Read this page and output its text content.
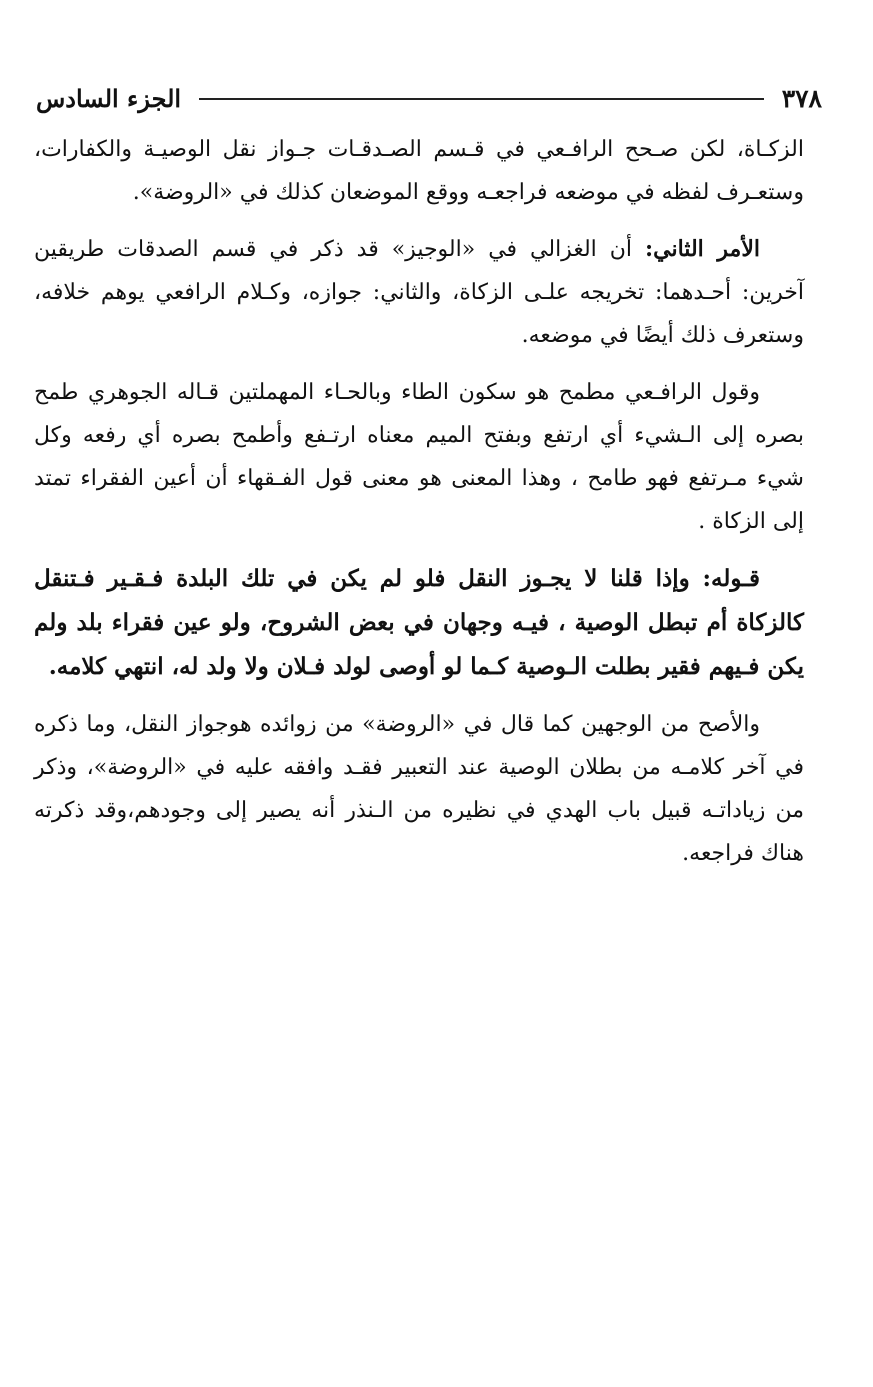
٣٧٨
الجزء السادس

الزكـاة، لكن صـحح الرافـعي في قـسم الصـدقـات جـواز نقل الوصيـة والكفارات، وستعـرف لفظه في موضعه فراجعـه ووقع الموضعان كذلك في «الروضة».

الأمر الثاني: أن الغزالي في «الوجيز» قد ذكر في قسم الصدقات طريقين آخرين: أحـدهما: تخريجه علـى الزكاة، والثاني: جوازه، وكـلام الرافعي يوهم خلافه، وستعرف ذلك أيضًا في موضعه.

وقول الرافـعي مطمح هو سكون الطاء وبالحـاء المهملتين قـاله الجوهري طمح بصره إلى الـشيء أي ارتفع وبفتح الميم معناه ارتـفع وأطمح بصره أي رفعه وكل شيء مـرتفع فهو طامح ، وهذا المعنى هو معنى قول الفـقهاء أن أعين الفقراء تمتد إلى الزكاة .

قـوله: وإذا قلنا لا يجـوز النقل فلو لم يكن في تلك البلدة فـقـير فـتنقل كالزكاة أم تبطل الوصية ، فيـه وجهان في بعض الشروح، ولو عين فقراء بلد ولم يكن فـيهم فقير بطلت الـوصية كـما لو أوصى لولد فـلان ولا ولد له، انتهي كلامه.

والأصح من الوجهين كما قال في «الروضة» من زوائده هوجواز النقل، وما ذكره في آخر كلامـه من بطلان الوصية عند التعبير فقـد وافقه عليه في «الروضة»، وذكر من زياداتـه قبيل باب الهدي في نظيره من الـنذر أنه يصير إلى وجودهم،وقد ذكرته هناك فراجعه.
